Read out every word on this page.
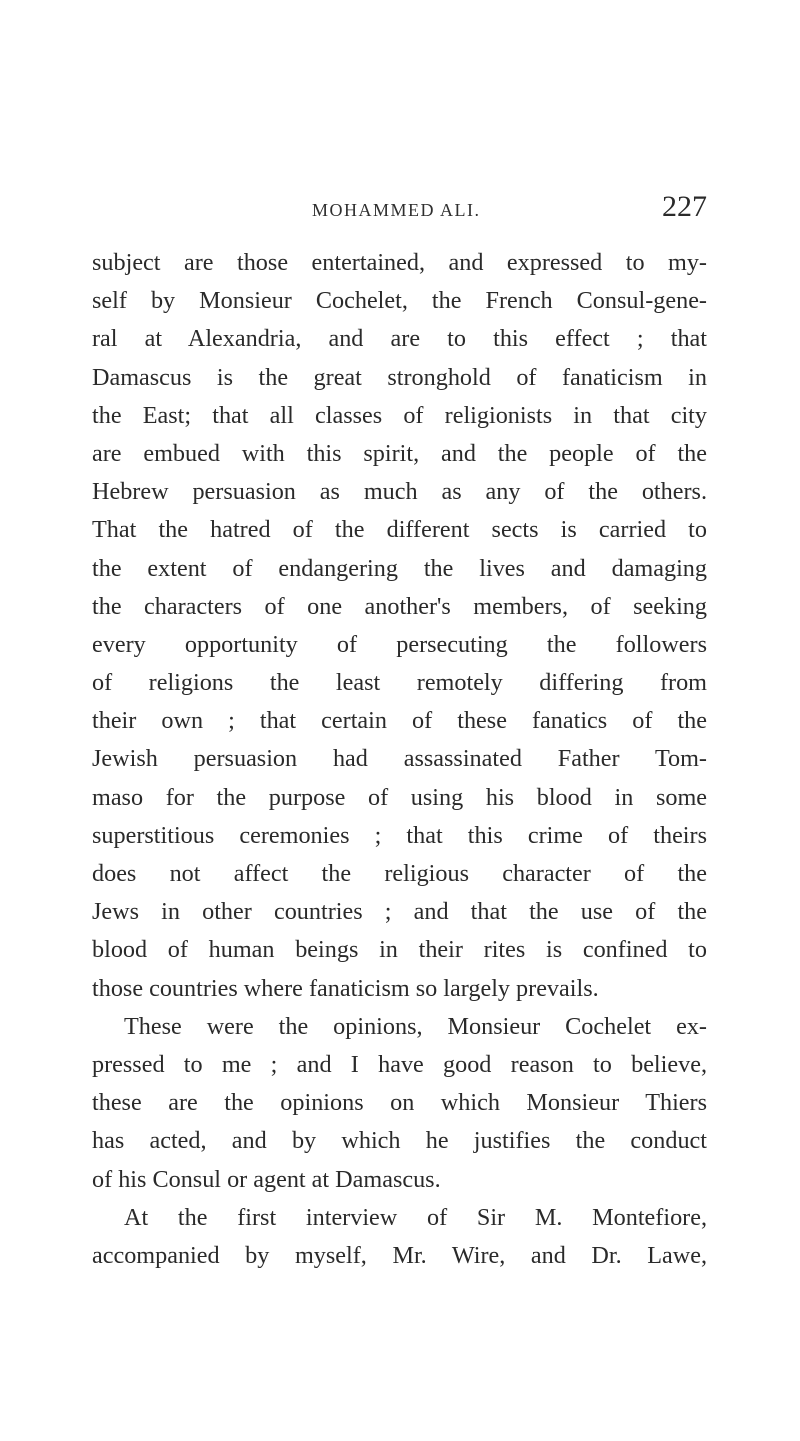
MOHAMMED ALI.	227
subject are those entertained, and expressed to my-
self by Monsieur Cochelet, the French Consul-gene-
ral at Alexandria, and are to this effect ; that
Damascus is the great stronghold of fanaticism in
the East; that all classes of religionists in that city
are embued with this spirit, and the people of the
Hebrew persuasion as much as any of the others.
That the hatred of the different sects is carried to
the extent of endangering the lives and damaging
the characters of one another's members, of seeking
every opportunity of persecuting the followers
of religions the least remotely differing from
their own ; that certain of these fanatics of the
Jewish persuasion had assassinated Father Tom-
maso for the purpose of using his blood in some
superstitious ceremonies ; that this crime of theirs
does not affect the religious character of the
Jews in other countries ; and that the use of the
blood of human beings in their rites is confined to
those countries where fanaticism so largely prevails.
These were the opinions, Monsieur Cochelet ex-
pressed to me ; and I have good reason to believe,
these are the opinions on which Monsieur Thiers
has acted, and by which he justifies the conduct
of his Consul or agent at Damascus.
At the first interview of Sir M. Montefiore,
accompanied by myself, Mr. Wire, and Dr. Lawe,
